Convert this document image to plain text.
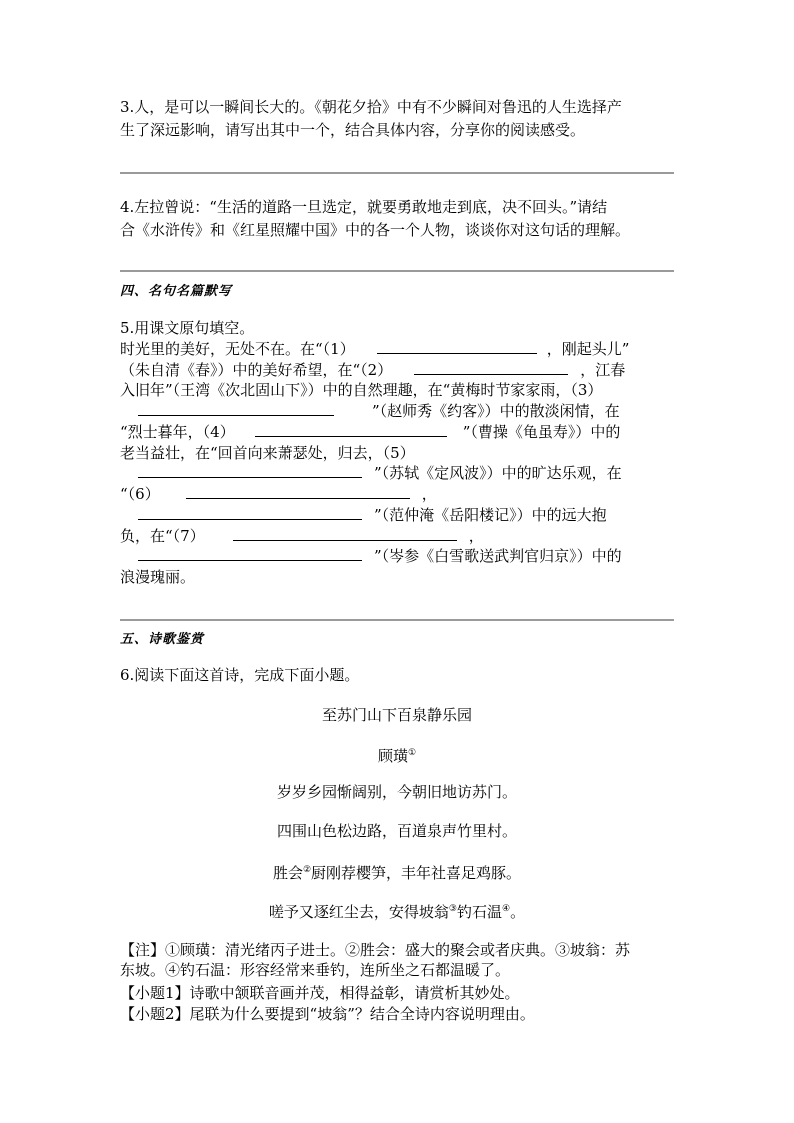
3.人，是可以一瞬间长大的。《朝花夕拾》中有不少瞬间对鲁迅的人生选择产
生了深远影响，请写出其中一个，结合具体内容，分享你的阅读感受。
4.左拉曾说：“生活的道路一旦选定，就要勇敢地走到底，决不回头。”请结
合《水浒传》和《红星照耀中国》中的各一个人物，谈谈你对这句话的理解。
四、名句名篇默写
5.用课文原句填空。
时光里的美好，无处不在。在“（1）	，刚起头儿”
（朱自清《春》）中的美好希望，在“（2）	，江春
入旧年”（王湾《次北固山下》）中的自然理趣，在“黄梅时节家家雨，（3）
”（赵师秀《约客》）中的散淡闲情，在
“烈士暮年，（4）	”（曹操《龟虽寿》）中的
老当益壮，在“回首向来萧瑟处，归去，（5）
”（苏轼《定风波》）中的旷达乐观，在
“（6）	，
”（范仲淹《岳阳楼记》）中的远大抱
负，在“（7）	，
”（岑参《白雪歌送武判官归京》）中的
浪漫瑰丽。
五、诗歌鉴赏
6.阅读下面这首诗，完成下面小题。
至苏门山下百泉静乐园
顾璜①
岁岁乡园惭阔别，今朝旧地访苏门。
四围山色松边路，百道泉声竹里村。
胜会②厨刚荐樱笋，丰年社喜足鸡豚。
嗟予又逐红尘去，安得坡翁③钓石温④。
【注】①顾璜：清光绪丙子进士。②胜会：盛大的聚会或者庆典。③坡翁：苏
东坡。④钓石温：形容经常来垂钓，连所坐之石都温暖了。
【小题1】诗歌中颔联音画并茂，相得益彰，请赏析其妙处。
【小题2】尾联为什么要提到“坡翁”？结合全诗内容说明理由。
